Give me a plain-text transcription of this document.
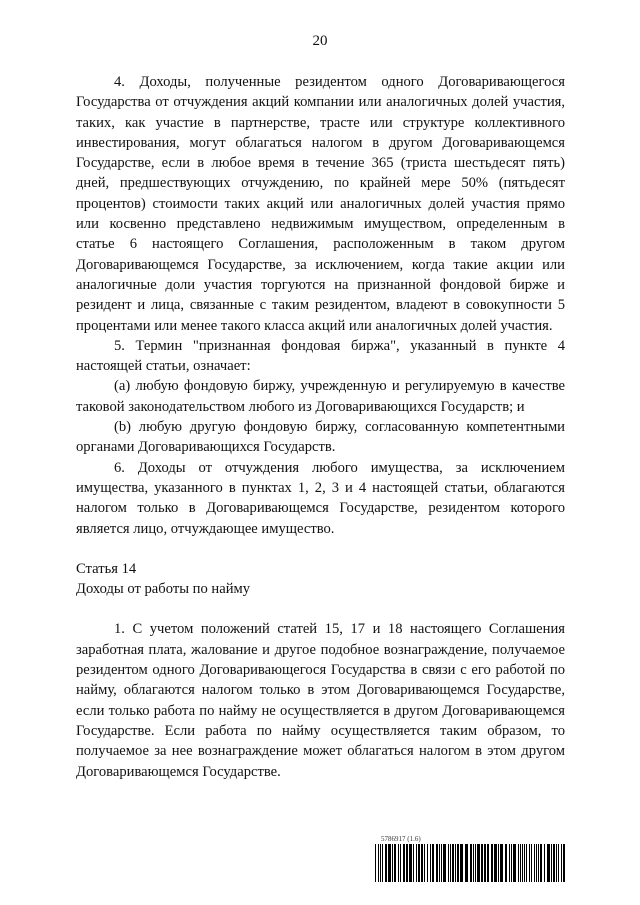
20

4. Доходы, полученные резидентом одного Договаривающегося Государства от отчуждения акций компании или аналогичных долей участия, таких, как участие в партнерстве, трасте или структуре коллективного инвестирования, могут облагаться налогом в другом Договаривающемся Государстве, если в любое время в течение 365 (триста шестьдесят пять) дней, предшествующих отчуждению, по крайней мере 50% (пятьдесят процентов) стоимости таких акций или аналогичных долей участия прямо или косвенно представлено недвижимым имуществом, определенным в статье 6 настоящего Соглашения, расположенным в таком другом Договаривающемся Государстве, за исключением, когда такие акции или аналогичные доли участия торгуются на признанной фондовой бирже и резидент и лица, связанные с таким резидентом, владеют в совокупности 5 процентами или менее такого класса акций или аналогичных долей участия.

5. Термин "признанная фондовая биржа", указанный в пункте 4 настоящей статьи, означает:

(a) любую фондовую биржу, учрежденную и регулируемую в качестве таковой законодательством любого из Договаривающихся Государств; и

(b) любую другую фондовую биржу, согласованную компетентными органами Договаривающихся Государств.

6. Доходы от отчуждения любого имущества, за исключением имущества, указанного в пунктах 1, 2, 3 и 4 настоящей статьи, облагаются налогом только в Договаривающемся Государстве, резидентом которого является лицо, отчуждающее имущество.

Статья 14

Доходы от работы по найму

1. С учетом положений статей 15, 17 и 18 настоящего Соглашения заработная плата, жалование и другое подобное вознаграждение, получаемое резидентом одного Договаривающегося Государства в связи с его работой по найму, облагаются налогом только в этом Договаривающемся Государстве, если только работа по найму не осуществляется в другом Договаривающемся Государстве. Если работа по найму осуществляется таким образом, то получаемое за нее вознаграждение может облагаться налогом в этом другом Договаривающемся Государстве.

5786917 (1.6)
